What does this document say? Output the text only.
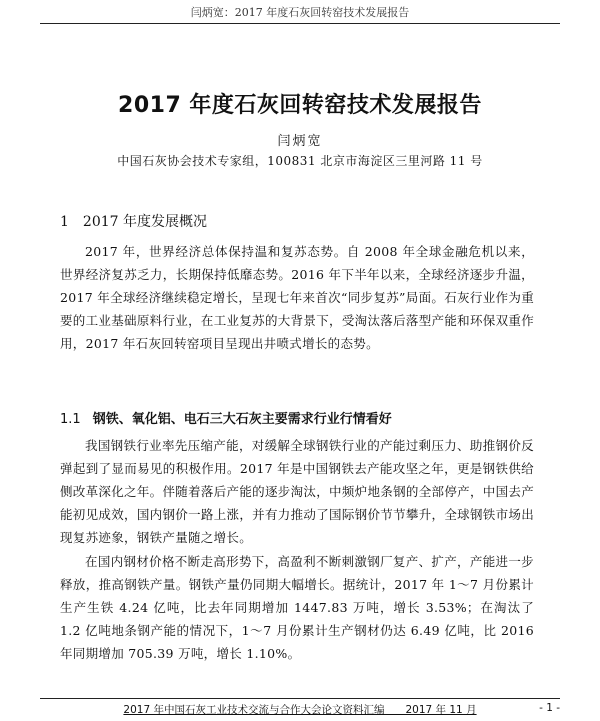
闫炳宽：2017 年度石灰回转窑技术发展报告
2017 年度石灰回转窑技术发展报告
闫炳宽
中国石灰协会技术专家组，100831 北京市海淀区三里河路 11 号
1 2017 年度发展概况

2017 年，世界经济总体保持温和复苏态势。自 2008 年全球金融危机以来，世界经济复苏乏力，长期保持低靡态势。2016 年下半年以来，全球经济逐步升温，2017 年全球经济继续稳定增长，呈现七年来首次“同步复苏”局面。石灰行业作为重要的工业基础原料行业，在工业复苏的大背景下，受淘汰落后落型产能和环保双重作用，2017 年石灰回转窑项目呈现出井喷式增长的态势。

1.1 钢铁、氧化铝、电石三大石灰主要需求行业行情看好

我国钢铁行业率先压缩产能，对缓解全球钢铁行业的产能过剩压力、助推钢价反弹起到了显而易见的积极作用。2017 年是中国钢铁去产能攻坚之年，更是钢铁供给侧改革深化之年。伴随着落后产能的逐步淘汰，中频炉地条钢的全部停产，中国去产能初见成效，国内钢价一路上涨，并有力推动了国际钢价节节攀升，全球钢铁市场出现复苏迹象，钢铁产量随之增长。

在国内钢材价格不断走高形势下，高盈利不断刺激钢厂复产、扩产，产能进一步释放，推高钢铁产量。钢铁产量仍同期大幅增长。据统计，2017 年 1～7 月份累计生产生铁 4.24 亿吨，比去年同期增加 1447.83 万吨，增长 3.53%；在淘汰了 1.2 亿吨地条钢产能的情况下，1～7 月份累计生产钢材仍达 6.49 亿吨，比 2016 年同期增加 705.39 万吨，增长 1.10%。

2017 年中国石灰工业技术交流与合作大会论文资料汇编　　2017 年 11 月	- 1 -
